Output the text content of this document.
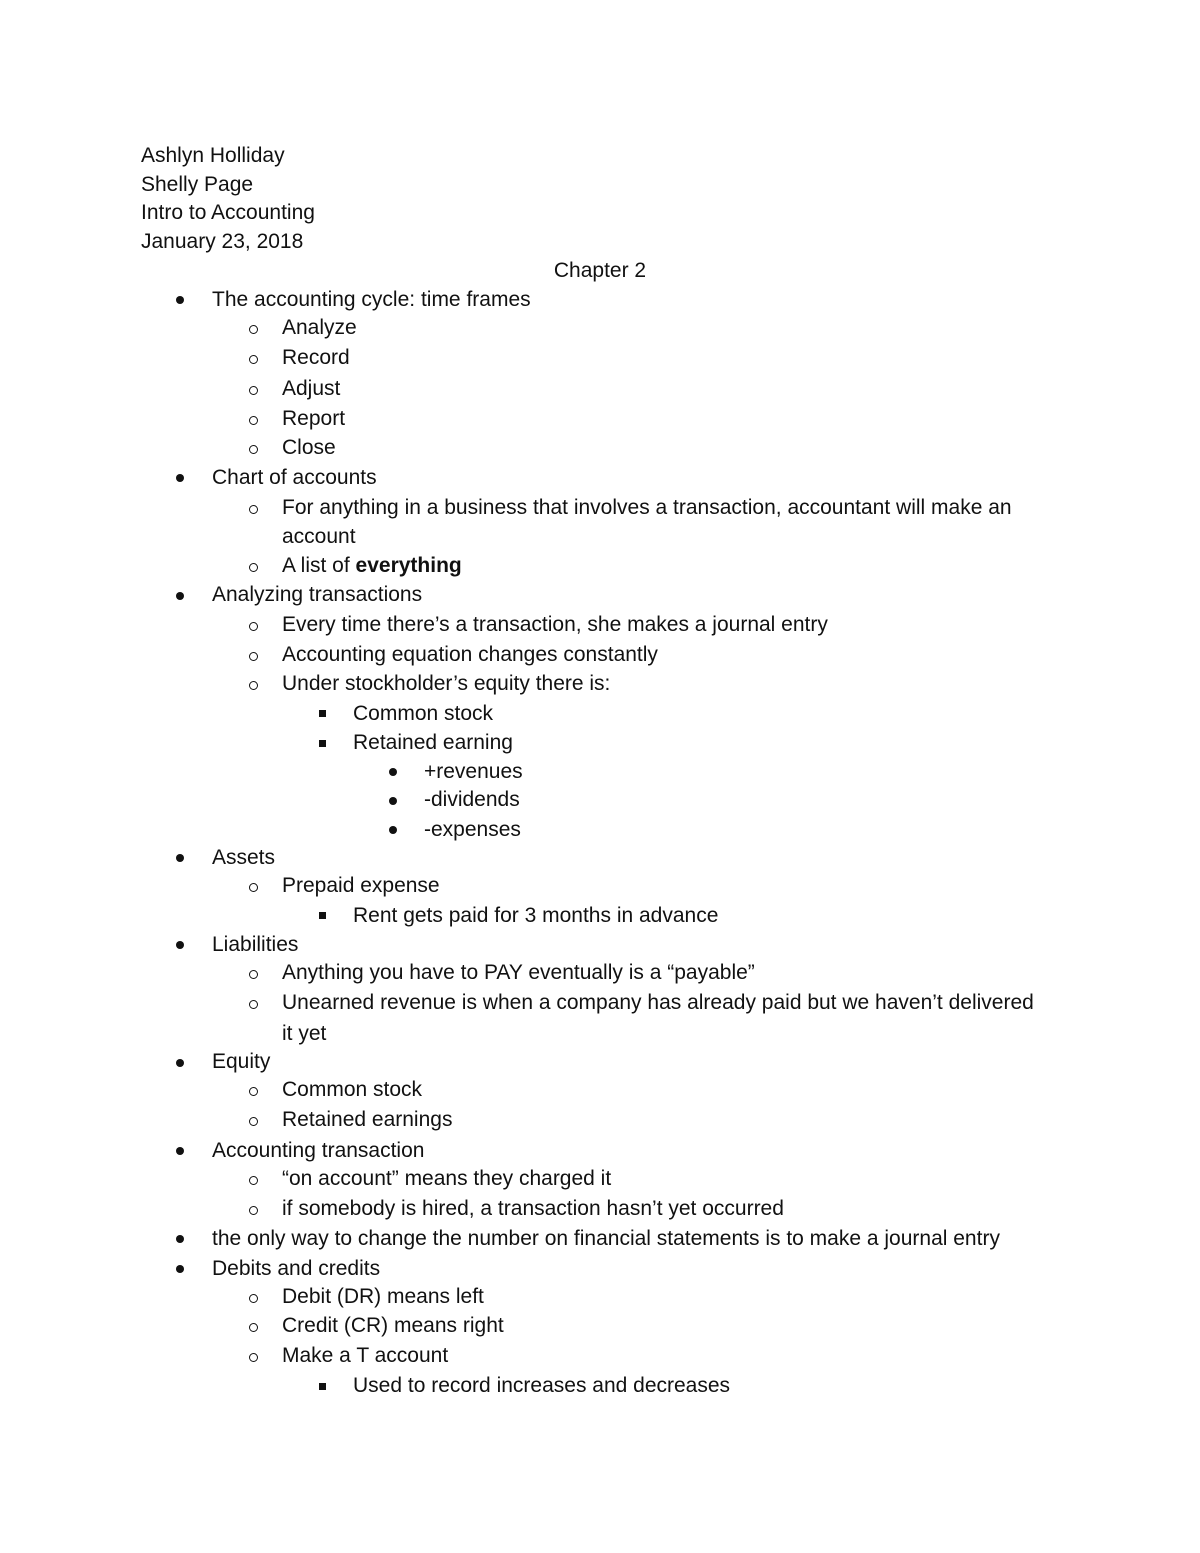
Ashlyn Holliday
Shelly Page
Intro to Accounting
January 23, 2018
Chapter 2
The accounting cycle: time frames
Analyze
Record
Adjust
Report
Close
Chart of accounts
For anything in a business that involves a transaction, accountant will make an
account
A list of everything
Analyzing transactions
Every time there’s a transaction, she makes a journal entry
Accounting equation changes constantly
Under stockholder’s equity there is:
Common stock
Retained earning
+revenues
-dividends
-expenses
Assets
Prepaid expense
Rent gets paid for 3 months in advance
Liabilities
Anything you have to PAY eventually is a “payable”
Unearned revenue is when a company has already paid but we haven’t delivered
it yet
Equity
Common stock
Retained earnings
Accounting transaction
“on account” means they charged it
if somebody is hired, a transaction hasn’t yet occurred
the only way to change the number on financial statements is to make a journal entry
Debits and credits
Debit (DR) means left
Credit (CR) means right
Make a T account
Used to record increases and decreases
